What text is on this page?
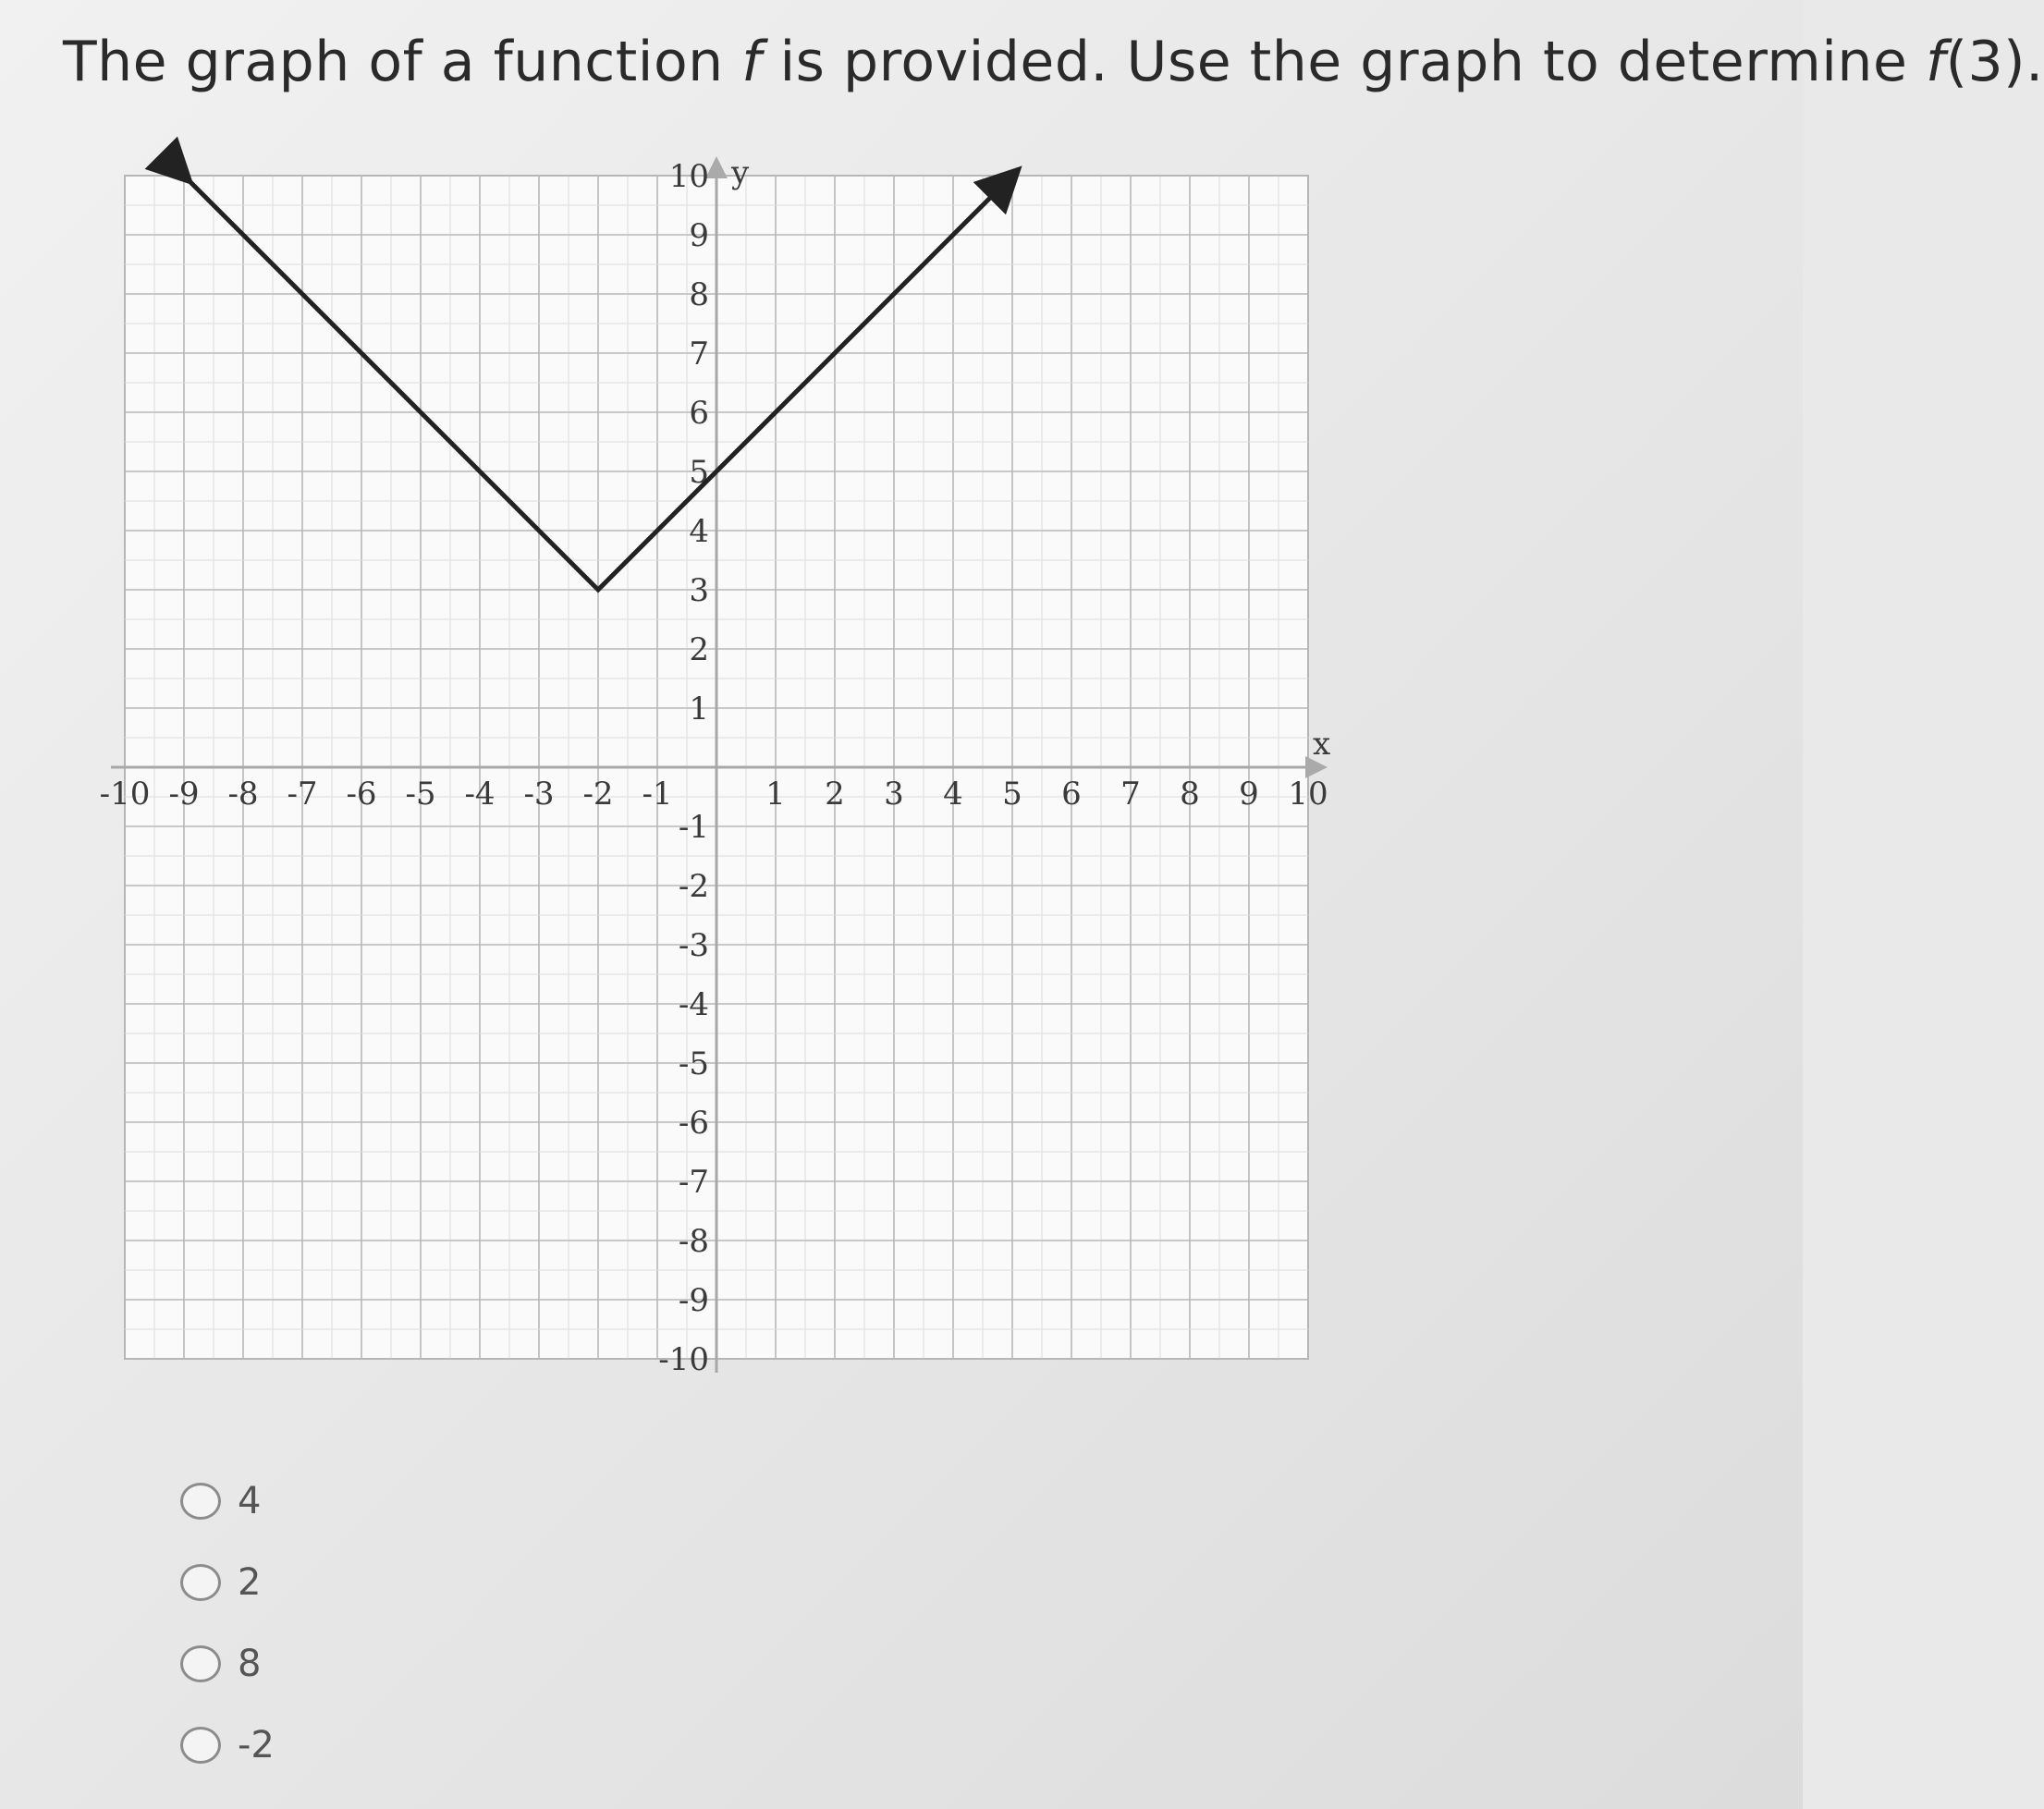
The graph of a function f is provided. Use the graph to determine f(3).
-10 -9 -8 -7 -6 -5 -4 -3 -2 -1	1 2 3 4 5 6 7 8 9 10
10
9
8
7
6
5
4
3
2
1
-1
-2
-3
-4
-5
-6
-7
-8
-9
-10
x
y
4
2
8
-2
